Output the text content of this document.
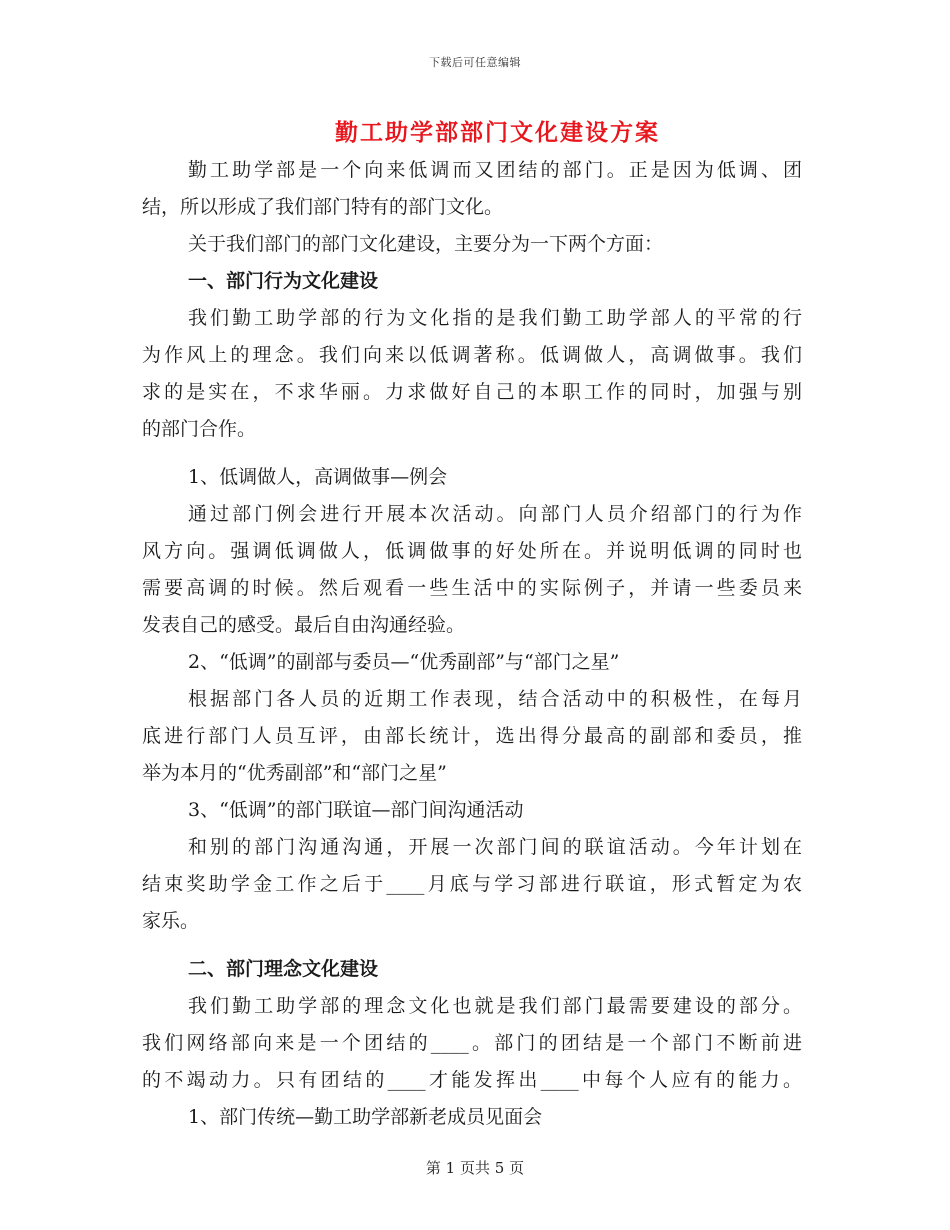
下载后可任意编辑
勤工助学部部门文化建设方案
勤工助学部是一个向来低调而又团结的部门。正是因为低调、团
结，所以形成了我们部门特有的部门文化。
关于我们部门的部门文化建设，主要分为一下两个方面：
一、部门行为文化建设
我们勤工助学部的行为文化指的是我们勤工助学部人的平常的行
为作风上的理念。我们向来以低调著称。低调做人，高调做事。我们
求的是实在，不求华丽。力求做好自己的本职工作的同时，加强与别
的部门合作。
1、低调做人，高调做事—例会
通过部门例会进行开展本次活动。向部门人员介绍部门的行为作
风方向。强调低调做人，低调做事的好处所在。并说明低调的同时也
需要高调的时候。然后观看一些生活中的实际例子，并请一些委员来
发表自己的感受。最后自由沟通经验。
2、“低调”的副部与委员—“优秀副部”与“部门之星”
根据部门各人员的近期工作表现，结合活动中的积极性，在每月
底进行部门人员互评，由部长统计，选出得分最高的副部和委员，推
举为本月的“优秀副部”和“部门之星”
3、“低调”的部门联谊—部门间沟通活动
和别的部门沟通沟通，开展一次部门间的联谊活动。今年计划在
结束奖助学金工作之后于____月底与学习部进行联谊，形式暂定为农
家乐。
二、部门理念文化建设
我们勤工助学部的理念文化也就是我们部门最需要建设的部分。
我们网络部向来是一个团结的____。部门的团结是一个部门不断前进
的不竭动力。只有团结的____才能发挥出____中每个人应有的能力。
1、部门传统—勤工助学部新老成员见面会
第 1 页共 5 页
